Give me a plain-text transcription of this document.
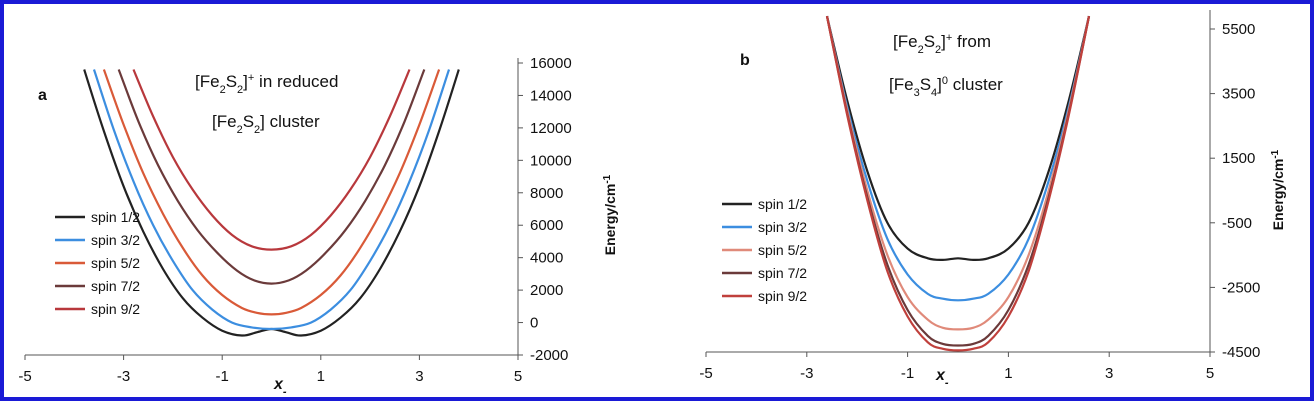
-5	-3	-1	1	3	5
-2000
0
2000
4000
6000
8000
10000
12000
14000
16000
spin 1/2
spin 3/2
spin 5/2
spin 7/2
spin 9/2
a
$[Fe_2S_2]^+$ in reduced
$[Fe_2S_2]$ cluster
Energy/$cm^{-1}$
$x_-$
-5	-3	-1	1	3	5
-4500
-2500
-500
1500
3500
5500
spin 1/2
spin 3/2
spin 5/2
spin 7/2
spin 9/2
b
$[Fe_2S_2]^+$ from
$[Fe_3S_4]^0$ cluster
Energy/$cm^{-1}$
$x_-$
